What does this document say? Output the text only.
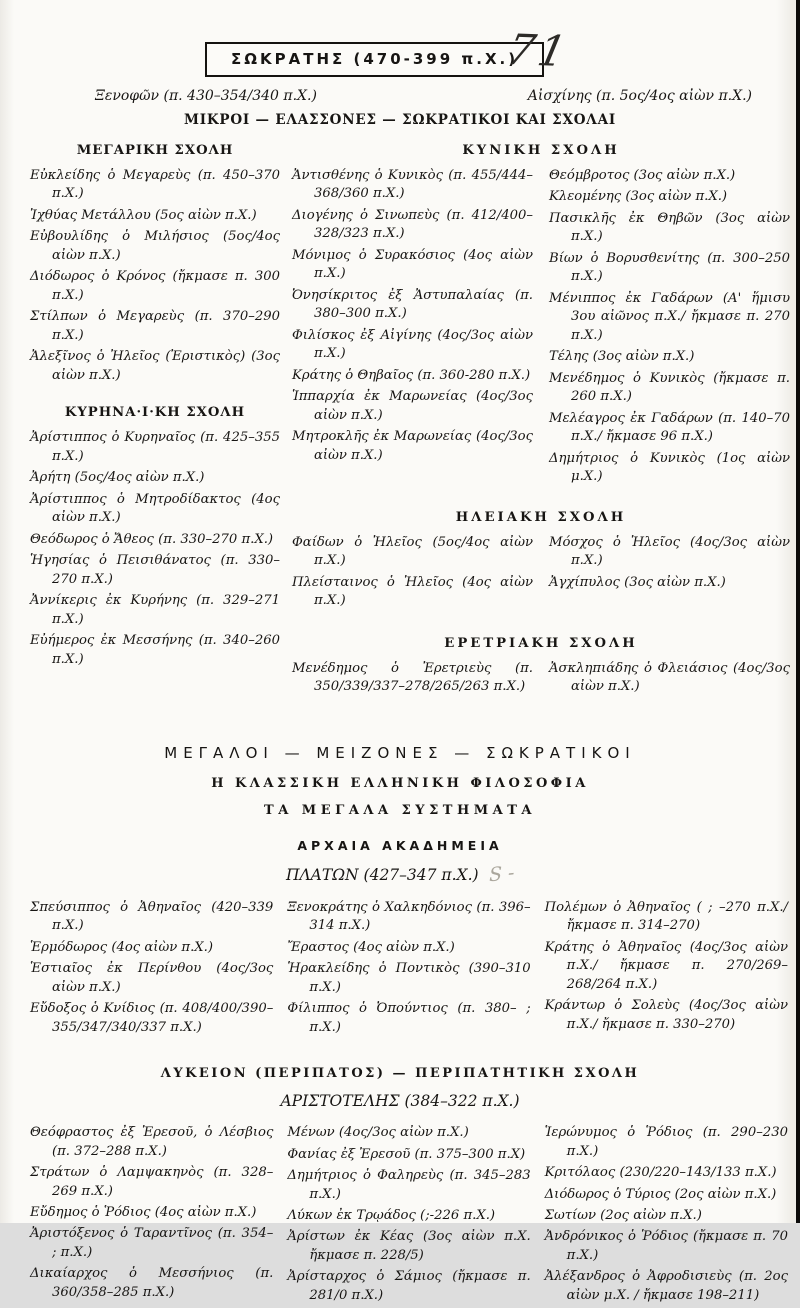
ΣΩΚΡΑΤΗΣ (470-399 π.Χ.)
71
Ξενοφῶν (π. 430–354/340 π.Χ.)	Αἰσχίνης (π. 5ος/4ος αἰὼν π.Χ.)
ΜΙΚΡΟΙ — ΕΛΑΣΣΟΝΕΣ — ΣΩΚΡΑΤΙΚΟΙ ΚΑΙ ΣΧΟΛΑΙ
ΜΕΓΑΡΙΚΗ ΣΧΟΛΗ

Εὐκλείδης ὁ Μεγαρεὺς (π. 450–370 π.Χ.)

Ἰχθύας Μετάλλου (5ος αἰὼν π.Χ.)

Εὐβουλίδης ὁ Μιλήσιος (5ος/4ος αἰὼν π.Χ.)

Διόδωρος ὁ Κρόνος (ἤκμασε π. 300 π.Χ.)

Στίλπων ὁ Μεγαρεὺς (π. 370–290 π.Χ.)

Ἀλεξῖνος ὁ Ἠλεῖος (Ἐριστικὸς) (3ος αἰὼν π.Χ.)

ΚΥΡΗΝΑ·Ι·ΚΗ ΣΧΟΛΗ

Ἀρίστιππος ὁ Κυρηναῖος (π. 425–355 π.Χ.)

Ἀρήτη (5ος/4ος αἰὼν π.Χ.)

Ἀρίστιππος ὁ Μητροδίδακτος (4ος αἰὼν π.Χ.)

Θεόδωρος ὁ Ἄθεος (π. 330–270 π.Χ.)

Ἡγησίας ὁ Πεισιθάνατος (π. 330–270 π.Χ.)

Ἀννίκερις ἐκ Κυρήνης (π. 329–271 π.Χ.)

Εὐήμερος ἐκ Μεσσήνης (π. 340–260 π.Χ.)

ΚΥΝΙΚΗ ΣΧΟΛΗ

Ἀντισθένης ὁ Κυνικὸς (π. 455/444–368/360 π.Χ.)

Διογένης ὁ Σινωπεὺς (π. 412/400–328/323 π.Χ.)

Μόνιμος ὁ Συρακόσιος (4ος αἰὼν π.Χ.)

Ὀνησίκριτος ἐξ Ἀστυπαλαίας (π. 380–300 π.Χ.)

Φιλίσκος ἐξ Αἰγίνης (4ος/3ος αἰὼν π.Χ.)

Κράτης ὁ Θηβαῖος (π. 360-280 π.Χ.)

Ἱππαρχία ἐκ Μαρωνείας (4ος/3ος αἰὼν π.Χ.)

Μητροκλῆς ἐκ Μαρωνείας (4ος/3ος αἰὼν π.Χ.)

Θεόμβροτος (3ος αἰὼν π.Χ.)

Κλεομένης (3ος αἰὼν π.Χ.)

Πασικλῆς ἐκ Θηβῶν (3ος αἰὼν π.Χ.)

Βίων ὁ Βορυσθενίτης (π. 300–250 π.Χ.)

Μένιππος ἐκ Γαδάρων (Α' ἥμισυ 3ου αἰῶνος π.Χ./ ἤκμασε π. 270 π.Χ.)

Τέλης (3ος αἰὼν π.Χ.)

Μενέδημος ὁ Κυνικὸς (ἤκμασε π. 260 π.Χ.)

Μελέαγρος ἐκ Γαδάρων (π. 140–70 π.Χ./ ἤκμασε 96 π.Χ.)

Δημήτριος ὁ Κυνικὸς (1ος αἰὼν μ.Χ.)

ΗΛΕΙΑΚΗ ΣΧΟΛΗ

Φαίδων ὁ Ἠλεῖος (5ος/4ος αἰὼν π.Χ.)

Πλείσταινος ὁ Ἠλεῖος (4ος αἰὼν π.Χ.)

Μόσχος ὁ Ἠλεῖος (4ος/3ος αἰὼν π.Χ.)

Ἀγχίπυλος (3ος αἰὼν π.Χ.)

ΕΡΕΤΡΙΑΚΗ ΣΧΟΛΗ

Μενέδημος ὁ Ἐρετριεὺς (π. 350/339/337–278/265/263 π.Χ.)

Ἀσκληπιάδης ὁ Φλειάσιος (4ος/3ος αἰὼν π.Χ.)

ΜΕΓΑΛΟΙ — ΜΕΙΖΟΝΕΣ — ΣΩΚΡΑΤΙΚΟΙ
Η ΚΛΑΣΣΙΚΗ ΕΛΛΗΝΙΚΗ ΦΙΛΟΣΟΦΙΑ
ΤΑ ΜΕΓΑΛΑ ΣΥΣΤΗΜΑΤΑ
ΑΡΧΑΙΑ ΑΚΑΔΗΜΕΙΑ
ΠΛΑΤΩΝ (427–347 π.Χ.) S -

Σπεύσιππος ὁ Ἀθηναῖος (420–339 π.Χ.)

Ἑρμόδωρος (4ος αἰὼν π.Χ.)

Ἑστιαῖος ἐκ Περίνθου (4ος/3ος αἰὼν π.Χ.)

Εὔδοξος ὁ Κνίδιος (π. 408/400/390–355/347/340/337 π.Χ.)

Ξενοκράτης ὁ Χαλκηδόνιος (π. 396–314 π.Χ.)

Ἔραστος (4ος αἰὼν π.Χ.)

Ἡρακλείδης ὁ Ποντικὸς (390–310 π.Χ.)

Φίλιππος ὁ Ὀπούντιος (π. 380– ; π.Χ.)

Πολέμων ὁ Ἀθηναῖος ( ; –270 π.Χ./ ἤκμασε π. 314–270)

Κράτης ὁ Ἀθηναῖος (4ος/3ος αἰὼν π.Χ./ ἤκμασε π. 270/269–268/264 π.Χ.)

Κράντωρ ὁ Σολεὺς (4ος/3ος αἰὼν π.Χ./ ἤκμασε π. 330–270)

ΛΥΚΕΙΟΝ (ΠΕΡΙΠΑΤΟΣ) — ΠΕΡΙΠΑΤΗΤΙΚΗ ΣΧΟΛΗ
ΑΡΙΣΤΟΤΕΛΗΣ (384–322 π.Χ.)

Θεόφραστος ἐξ Ἐρεσοῦ, ὁ Λέσβιος (π. 372–288 π.Χ.)

Στράτων ὁ Λαμψακηνὸς (π. 328–269 π.Χ.)

Εὔδημος ὁ Ῥόδιος (4ος αἰὼν π.Χ.)

Ἀριστόξενος ὁ Ταραντῖνος (π. 354– ; π.Χ.)

Δικαίαρχος ὁ Μεσσήνιος (π. 360/358–285 π.Χ.)

Μένων (4ος/3ος αἰὼν π.Χ.)

Φανίας ἐξ Ἐρεσοῦ (π. 375–300 π.Χ)

Δημήτριος ὁ Φαληρεὺς (π. 345–283 π.Χ.)

Λύκων ἐκ Τρῳάδος (;-226 π.Χ.)

Ἀρίστων ἐκ Κέας (3ος αἰὼν π.Χ. ἤκμασε π. 228/5)

Ἀρίσταρχος ὁ Σάμιος (ἤκμασε π. 281/0 π.Χ.)

Ἱερώνυμος ὁ Ῥόδιος (π. 290–230 π.Χ.)

Κριτόλαος (230/220–143/133 π.Χ.)

Διόδωρος ὁ Τύριος (2ος αἰὼν π.Χ.)

Σωτίων (2ος αἰὼν π.Χ.)

Ἀνδρόνικος ὁ Ῥόδιος (ἤκμασε π. 70 π.Χ.)

Ἀλέξανδρος ὁ Ἀφροδισιεὺς (π. 2ος αἰὼν μ.Χ. / ἤκμασε 198–211)
